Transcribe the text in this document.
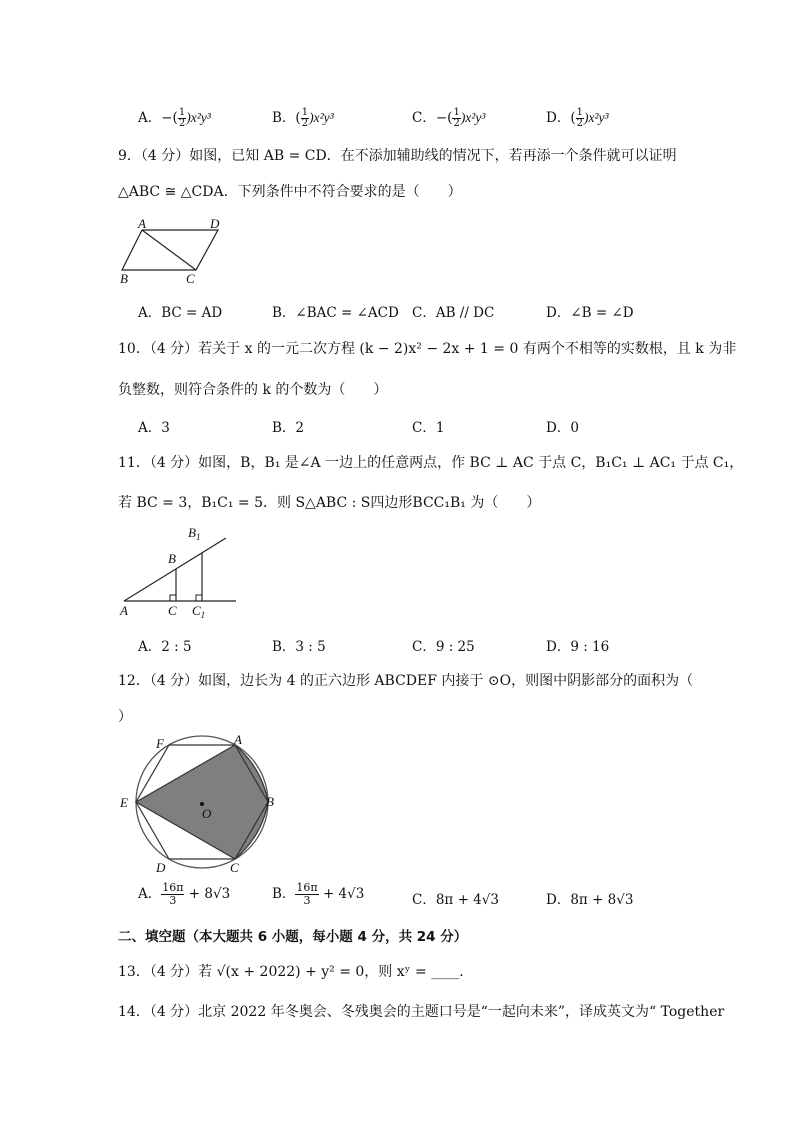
A．−( $\frac{1}{2} )x^2y^3$	B．( $\frac{1}{2} )x^2y^3$	C．−( $\frac{1}{2} )x^2y^3$	D．( $\frac{1}{2} )x^2y^3$
9．（4 分）如图，已知 AB = CD．在不添加辅助线的情况下，若再添一个条件就可以证明
△ABC ≅ △CDA．下列条件中不符合要求的是（　　）
A	D
B	C
A．BC = AD	B．∠BAC = ∠ACD C．AB // DC	D．∠B = ∠D
10．（4 分）若关于 x 的一元二次方程 (k − 2)x² − 2x + 1 = 0 有两个不相等的实数根，且 k 为非
负整数，则符合条件的 k 的个数为（　　）
A．3	B．2	C．1	D．0
11．（4 分）如图，B，B₁ 是∠A 一边上的任意两点，作 BC ⊥ AC 于点 C，B₁C₁ ⊥ AC₁ 于点 C₁，
若 BC = 3，B₁C₁ = 5．则 S△ABC : S四边形BCC₁B₁ 为（　　）
$B_1$
B
A	C $C_1$
A．2 : 5	B．3 : 5	C．9 : 25	D．9 : 16
12．（4 分）如图，边长为 4 的正六边形 ABCDEF 内接于 ⊙O，则图中阴影部分的面积为（
）
F	A
E	B
O
D	C
A． $\frac{16\pi}{3} + 8√3$	B． $\frac{16\pi}{3} + 4√3$	C．8π + 4√3	D．8π + 8√3
二、填空题（本大题共 6 小题，每小题 4 分，共 24 分）
13．（4 分）若 √(x + 2022) + y² = 0，则 xʸ = ____．
14．（4 分）北京 2022 年冬奥会、冬残奥会的主题口号是“一起向未来”，译成英文为“ Together
